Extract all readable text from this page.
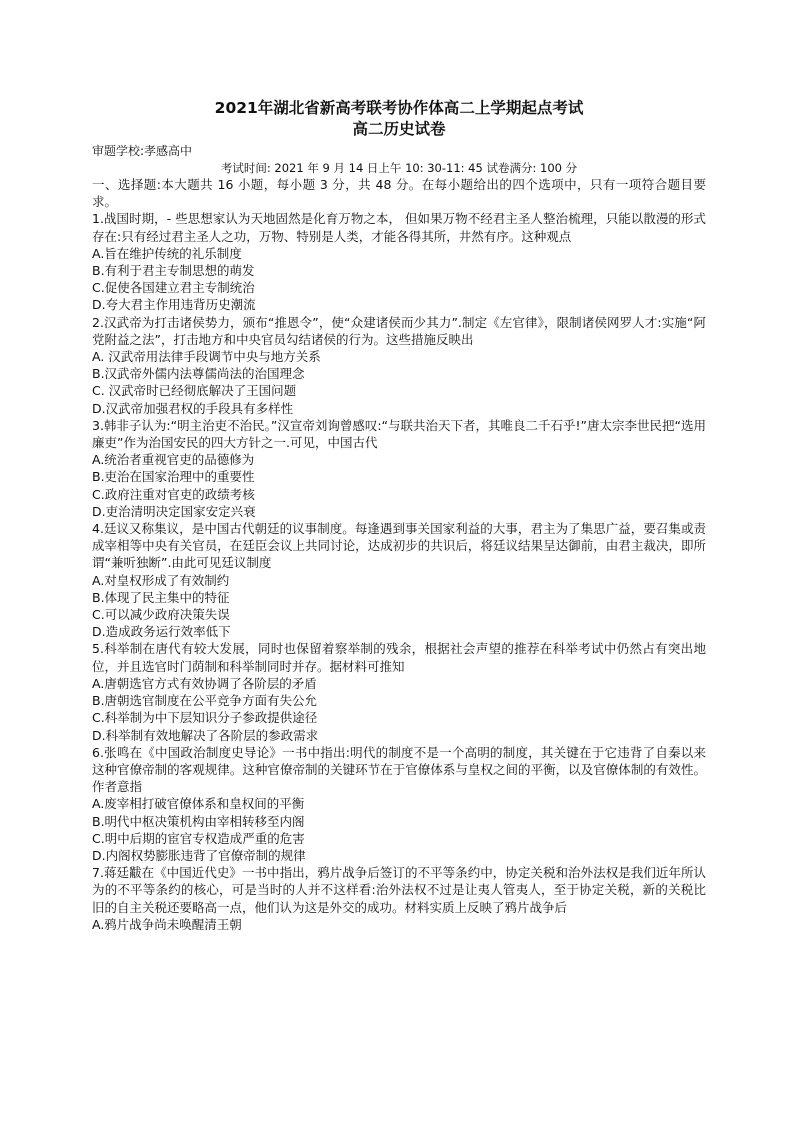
2021年湖北省新高考联考协作体高二上学期起点考试
高二历史试卷
审题学校:孝感高中
考试时间: 2021 年 9 月 14 日上午 10: 30-11: 45 试卷满分: 100 分
一、选择题:本大题共 16 小题，每小题 3 分，共 48 分。在每小题给出的四个选项中，只有一项符合题目要求。
1.战国时期，- 些思想家认为天地固然是化育万物之本， 但如果万物不经君主圣人整治梳理，只能以散漫的形式存在:只有经过君主圣人之功，万物、特别是人类，才能各得其所，井然有序。这种观点
A.旨在维护传统的礼乐制度
B.有利于君主专制思想的萌发
C.促使各国建立君主专制统治
D.夸大君主作用违背历史潮流
2.汉武帝为打击诸侯势力，颁布“推恩令”，使“众建诸侯而少其力”.制定《左官律》，限制诸侯网罗人才:实施“阿党附益之法”，打击地方和中央官员勾结诸侯的行为。这些措施反映出
A. 汉武帝用法律手段调节中央与地方关系
B.汉武帝外儒内法尊儒尚法的治国理念
C. 汉武帝时已经彻底解决了王国问题
D.汉武帝加强君权的手段具有多样性
3.韩非子认为:“明主治吏不治民。”汉宣帝刘询曾感叹:“与联共治天下者，其唯良二千石乎!”唐太宗李世民把“选用廉吏”作为治国安民的四大方针之一.可见，中国古代
A.统治者重视官吏的品德修为
B.吏治在国家治理中的重要性
C.政府注重对官吏的政绩考核
D.吏治清明决定国家安定兴衰
4.廷议又称集议，是中国古代朝廷的议事制度。每逢遇到事关国家利益的大事，君主为了集思广益，要召集或责成宰相等中央有关官员，在廷臣会议上共同讨论，达成初步的共识后，将廷议结果呈达御前，由君主裁决，即所谓“兼听独断”.由此可见廷议制度
A.对皇权形成了有效制约
B.体现了民主集中的特征
C.可以减少政府决策失误
D.造成政务运行效率低下
5.科举制在唐代有较大发展，同时也保留着察举制的残余，根据社会声望的推荐在科举考试中仍然占有突出地位，并且选官时门荫制和科举制同时并存。据材料可推知
A.唐朝选官方式有效协调了各阶层的矛盾
B.唐朝选官制度在公平竞争方面有失公允
C.科举制为中下层知识分子参政提供途径
D.科举制有效地解决了各阶层的参政需求
6.张鸣在《中国政治制度史导论》一书中指出:明代的制度不是一个高明的制度，其关键在于它违背了自秦以来这种官僚帝制的客观规律。这种官僚帝制的关键环节在于官僚体系与皇权之间的平衡，以及官僚体制的有效性。作者意指
A.废宰相打破官僚体系和皇权间的平衡
B.明代中枢决策机构由宰相转移至内阁
C.明中后期的宦官专权造成严重的危害
D.内阁权势膨胀违背了官僚帝制的规律
7.蒋廷黻在《中国近代史》一书中指出，鸦片战争后签订的不平等条约中，协定关税和治外法权是我们近年所认为的不平等条约的核心，可是当时的人并不这样看:治外法权不过是让夷人管夷人，至于协定关税，新的关税比旧的自主关税还要略高一点，他们认为这是外交的成功。材料实质上反映了鸦片战争后
A.鸦片战争尚未唤醒清王朝
